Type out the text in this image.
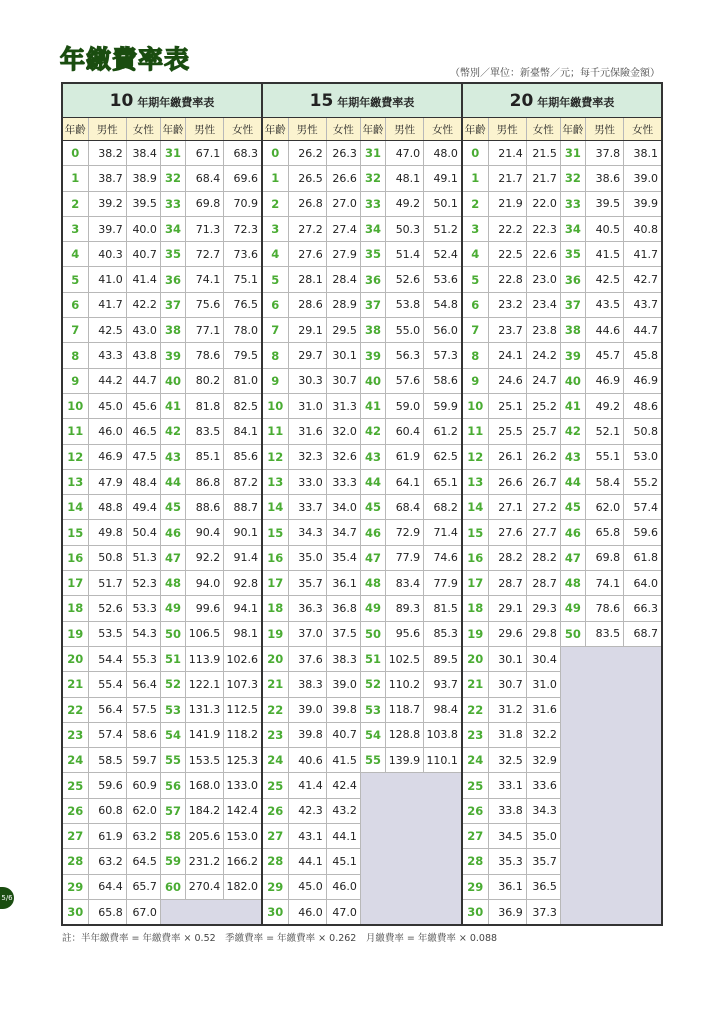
年繳費率表	（幣別／單位：新臺幣／元；每千元保險金額）
10 年期年繳費率表						15 年期年繳費率表						20 年期年繳費率表					
年齡	男性	女性	年齡	男性	女性	年齡	男性	女性	年齡	男性	女性	年齡	男性	女性	年齡	男性	女性
0	38.2	38.4	31	67.1	68.3	0	26.2	26.3	31	47.0	48.0	0	21.4	21.5	31	37.8	38.1
1	38.7	38.9	32	68.4	69.6	1	26.5	26.6	32	48.1	49.1	1	21.7	21.7	32	38.6	39.0
2	39.2	39.5	33	69.8	70.9	2	26.8	27.0	33	49.2	50.1	2	21.9	22.0	33	39.5	39.9
3	39.7	40.0	34	71.3	72.3	3	27.2	27.4	34	50.3	51.2	3	22.2	22.3	34	40.5	40.8
4	40.3	40.7	35	72.7	73.6	4	27.6	27.9	35	51.4	52.4	4	22.5	22.6	35	41.5	41.7
5	41.0	41.4	36	74.1	75.1	5	28.1	28.4	36	52.6	53.6	5	22.8	23.0	36	42.5	42.7
6	41.7	42.2	37	75.6	76.5	6	28.6	28.9	37	53.8	54.8	6	23.2	23.4	37	43.5	43.7
7	42.5	43.0	38	77.1	78.0	7	29.1	29.5	38	55.0	56.0	7	23.7	23.8	38	44.6	44.7
8	43.3	43.8	39	78.6	79.5	8	29.7	30.1	39	56.3	57.3	8	24.1	24.2	39	45.7	45.8
9	44.2	44.7	40	80.2	81.0	9	30.3	30.7	40	57.6	58.6	9	24.6	24.7	40	46.9	46.9
10	45.0	45.6	41	81.8	82.5	10	31.0	31.3	41	59.0	59.9	10	25.1	25.2	41	49.2	48.6
11	46.0	46.5	42	83.5	84.1	11	31.6	32.0	42	60.4	61.2	11	25.5	25.7	42	52.1	50.8
12	46.9	47.5	43	85.1	85.6	12	32.3	32.6	43	61.9	62.5	12	26.1	26.2	43	55.1	53.0
13	47.9	48.4	44	86.8	87.2	13	33.0	33.3	44	64.1	65.1	13	26.6	26.7	44	58.4	55.2
14	48.8	49.4	45	88.6	88.7	14	33.7	34.0	45	68.4	68.2	14	27.1	27.2	45	62.0	57.4
15	49.8	50.4	46	90.4	90.1	15	34.3	34.7	46	72.9	71.4	15	27.6	27.7	46	65.8	59.6
16	50.8	51.3	47	92.2	91.4	16	35.0	35.4	47	77.9	74.6	16	28.2	28.2	47	69.8	61.8
17	51.7	52.3	48	94.0	92.8	17	35.7	36.1	48	83.4	77.9	17	28.7	28.7	48	74.1	64.0
18	52.6	53.3	49	99.6	94.1	18	36.3	36.8	49	89.3	81.5	18	29.1	29.3	49	78.6	66.3
19	53.5	54.3	50	106.5	98.1	19	37.0	37.5	50	95.6	85.3	19	29.6	29.8	50	83.5	68.7
20	54.4	55.3	51	113.9	102.6	20	37.6	38.3	51	102.5	89.5	20	30.1	30.4			
21	55.4	56.4	52	122.1	107.3	21	38.3	39.0	52	110.2	93.7	21	30.7	31.0			
22	56.4	57.5	53	131.3	112.5	22	39.0	39.8	53	118.7	98.4	22	31.2	31.6			
23	57.4	58.6	54	141.9	118.2	23	39.8	40.7	54	128.8	103.8	23	31.8	32.2			
24	58.5	59.7	55	153.5	125.3	24	40.6	41.5	55	139.9	110.1	24	32.5	32.9			
25	59.6	60.9	56	168.0	133.0	25	41.4	42.4				25	33.1	33.6			
26	60.8	62.0	57	184.2	142.4	26	42.3	43.2				26	33.8	34.3			
27	61.9	63.2	58	205.6	153.0	27	43.1	44.1				27	34.5	35.0			
28	63.2	64.5	59	231.2	166.2	28	44.1	45.1				28	35.3	35.7			
29	64.4	65.7	60	270.4	182.0	29	45.0	46.0				29	36.1	36.5			
30	65.8	67.0				30	46.0	47.0				30	36.9	37.3			
註：半年繳費率 = 年繳費率 × 0.52　季繳費率 = 年繳費率 × 0.262　月繳費率 = 年繳費率 × 0.088
5/6
